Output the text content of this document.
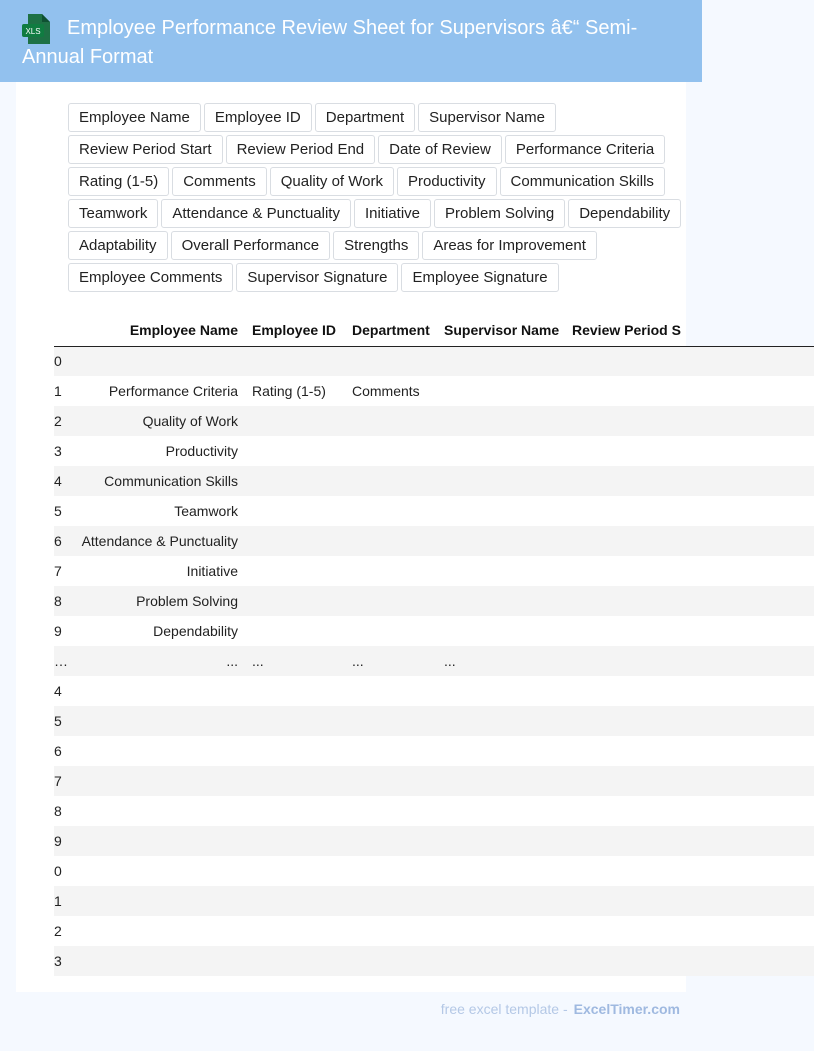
XLS	Employee Performance Review Sheet for Supervisors â€“ Semi-Annual Format
Employee Name	Employee ID	Department	Supervisor Name
Review Period Start	Review Period End	Date of Review	Performance Criteria
Rating (1-5)	Comments	Quality of Work	Productivity	Communication Skills
Teamwork	Attendance & Punctuality	Initiative	Problem Solving	Dependability
Adaptability	Overall Performance	Strengths	Areas for Improvement
Employee Comments	Supervisor Signature	Employee Signature
	Employee Name	Employee ID	Department	Supervisor Name	Review Period S
0					
1	Performance Criteria	Rating (1-5)	Comments		
2	Quality of Work				
3	Productivity				
4	Communication Skills				
5	Teamwork				
6	Attendance & Punctuality				
7	Initiative				
8	Problem Solving				
9	Dependability				
…	...	...	...	...	
4					
5					
6					
7					
8					
9					
0					
1					
2					
3					
free excel template - ExcelTimer.com
